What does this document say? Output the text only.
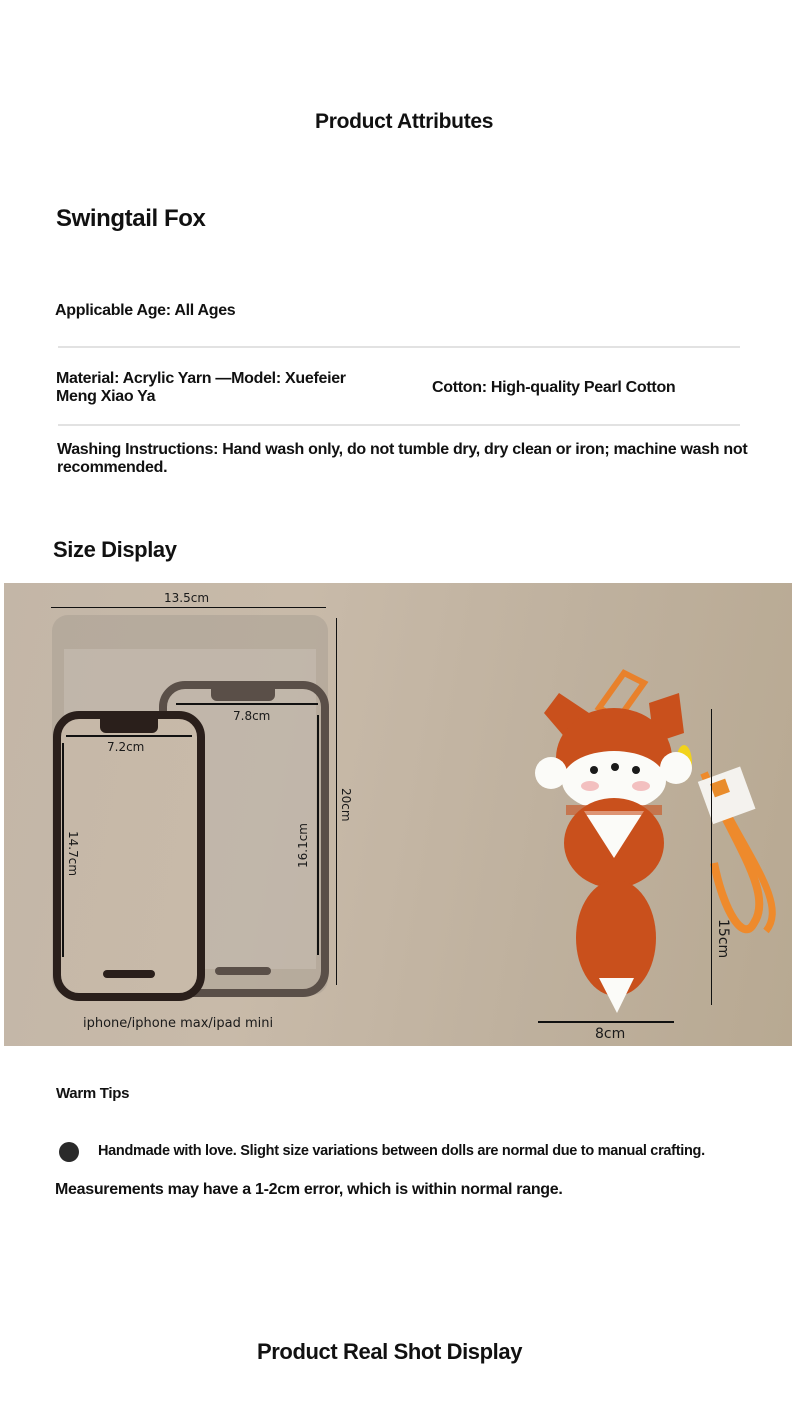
Product Attributes
Swingtail Fox
Applicable Age: All Ages
Material: Acrylic Yarn —Model: Xuefeier Meng Xiao Ya
Cotton: High-quality Pearl Cotton
Washing Instructions: Hand wash only, do not tumble dry, dry clean or iron; machine wash not recommended.
Size Display
13.5cm
20cm
7.8cm
16.1cm
7.2cm
14.7cm
iphone/iphone max/ipad mini
15cm
8cm
Warm Tips
Handmade with love. Slight size variations between dolls are normal due to manual crafting.
Measurements may have a 1-2cm error, which is within normal range.
Product Real Shot Display
